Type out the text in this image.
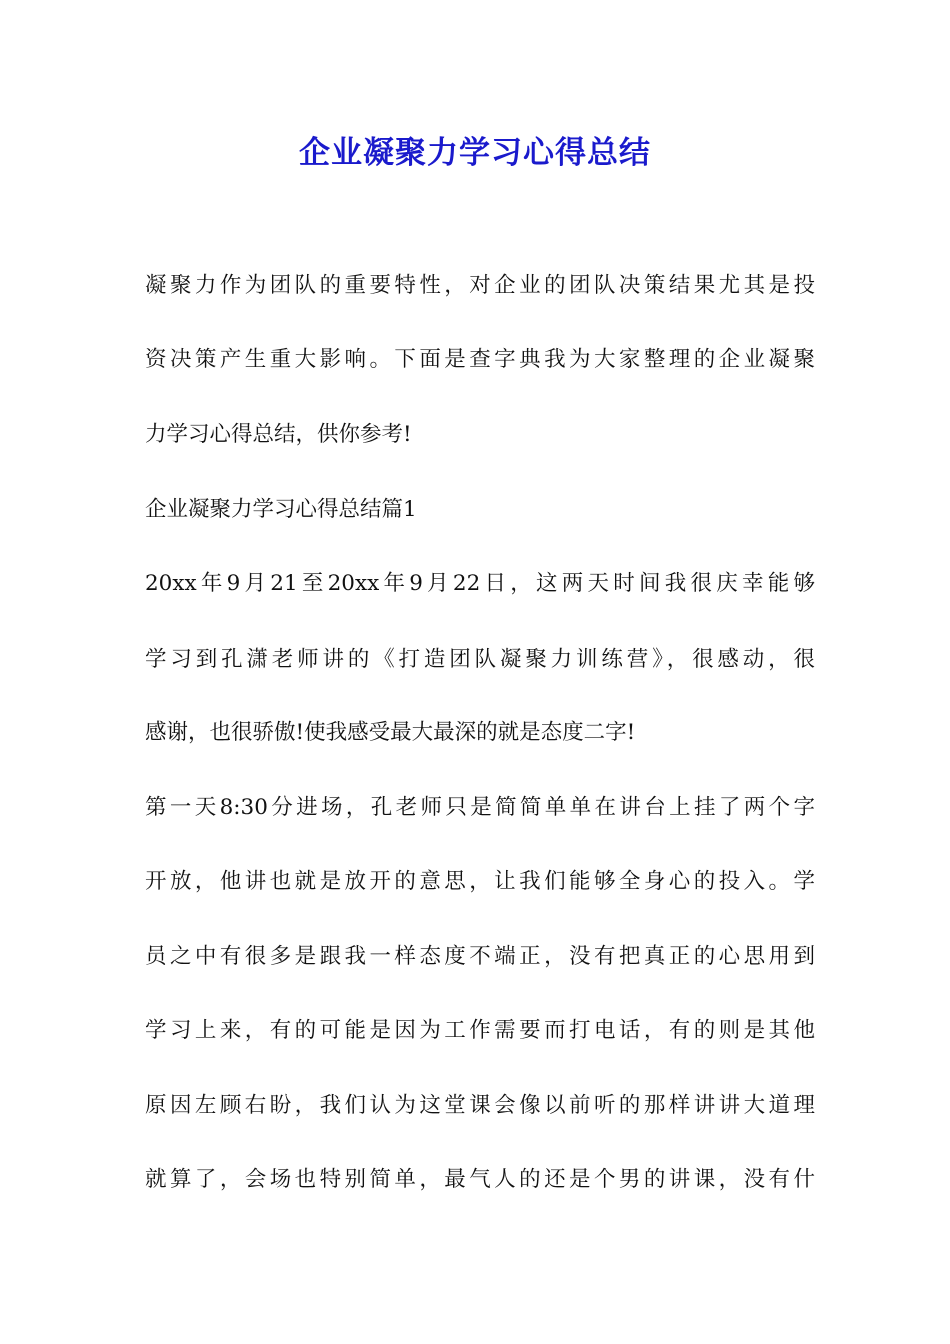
企业凝聚力学习心得总结

凝聚力作为团队的重要特性，对企业的团队决策结果尤其是投

资决策产生重大影响。下面是查字典我为大家整理的企业凝聚

力学习心得总结，供你参考!

企业凝聚力学习心得总结篇1

20xx年9月21至20xx年9月22日，这两天时间我很庆幸能够

学习到孔潇老师讲的《打造团队凝聚力训练营》，很感动，很

感谢，也很骄傲!使我感受最大最深的就是态度二字!

第一天8:30分进场，孔老师只是简简单单在讲台上挂了两个字

开放，他讲也就是放开的意思，让我们能够全身心的投入。学

员之中有很多是跟我一样态度不端正，没有把真正的心思用到

学习上来，有的可能是因为工作需要而打电话，有的则是其他

原因左顾右盼，我们认为这堂课会像以前听的那样讲讲大道理

就算了，会场也特别简单，最气人的还是个男的讲课，没有什
